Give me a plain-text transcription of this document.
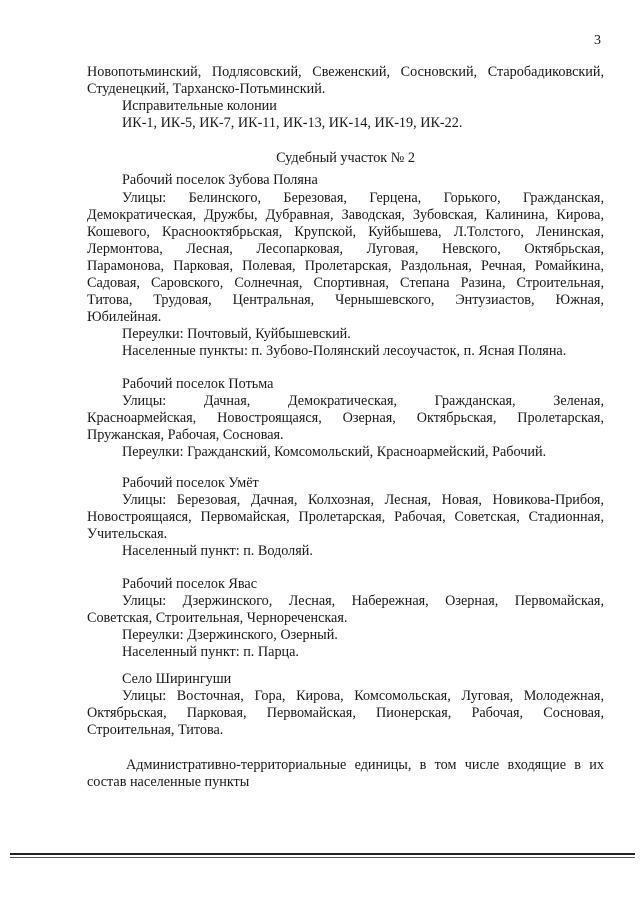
3
Новопотьминский, Подлясовский, Свеженский, Сосновский, Старобадиковский,
Студенецкий, Тарханско-Потьминский.
Исправительные колонии
ИК-1, ИК-5, ИК-7, ИК-11, ИК-13, ИК-14, ИК-19, ИК-22.
Судебный участок № 2
Рабочий поселок Зубова Поляна
Улицы: Белинского, Березовая, Герцена, Горького, Гражданская,
Демократическая, Дружбы, Дубравная, Заводская, Зубовская, Калинина, Кирова,
Кошевого, Краснооктябрьская, Крупской, Куйбышева, Л.Толстого, Ленинская,
Лермонтова, Лесная, Лесопарковая, Луговая, Невского, Октябрьская,
Парамонова, Парковая, Полевая, Пролетарская, Раздольная, Речная, Ромайкина,
Садовая, Саровского, Солнечная, Спортивная, Степана Разина, Строительная,
Титова, Трудовая, Центральная, Чернышевского, Энтузиастов, Южная,
Юбилейная.
Переулки: Почтовый, Куйбышевский.
Населенные пункты: п. Зубово-Полянский лесоучасток, п. Ясная Поляна.
Рабочий поселок Потьма
Улицы: Дачная, Демократическая, Гражданская, Зеленая,
Красноармейская, Новостроящаяся, Озерная, Октябрьская, Пролетарская,
Пружанская, Рабочая, Сосновая.
Переулки: Гражданский, Комсомольский, Красноармейский, Рабочий.
Рабочий поселок Умёт
Улицы: Березовая, Дачная, Колхозная, Лесная, Новая, Новикова-Прибоя,
Новостроящаяся, Первомайская, Пролетарская, Рабочая, Советская, Стадионная,
Учительская.
Населенный пункт: п. Водоляй.
Рабочий поселок Явас
Улицы: Дзержинского, Лесная, Набережная, Озерная, Первомайская,
Советская, Строительная, Чернореченская.
Переулки: Дзержинского, Озерный.
Населенный пункт: п. Парца.
Село Ширингуши
Улицы: Восточная, Гора, Кирова, Комсомольская, Луговая, Молодежная,
Октябрьская, Парковая, Первомайская, Пионерская, Рабочая, Сосновая,
Строительная, Титова.
Административно-территориальные единицы, в том числе входящие в их
состав населенные пункты
